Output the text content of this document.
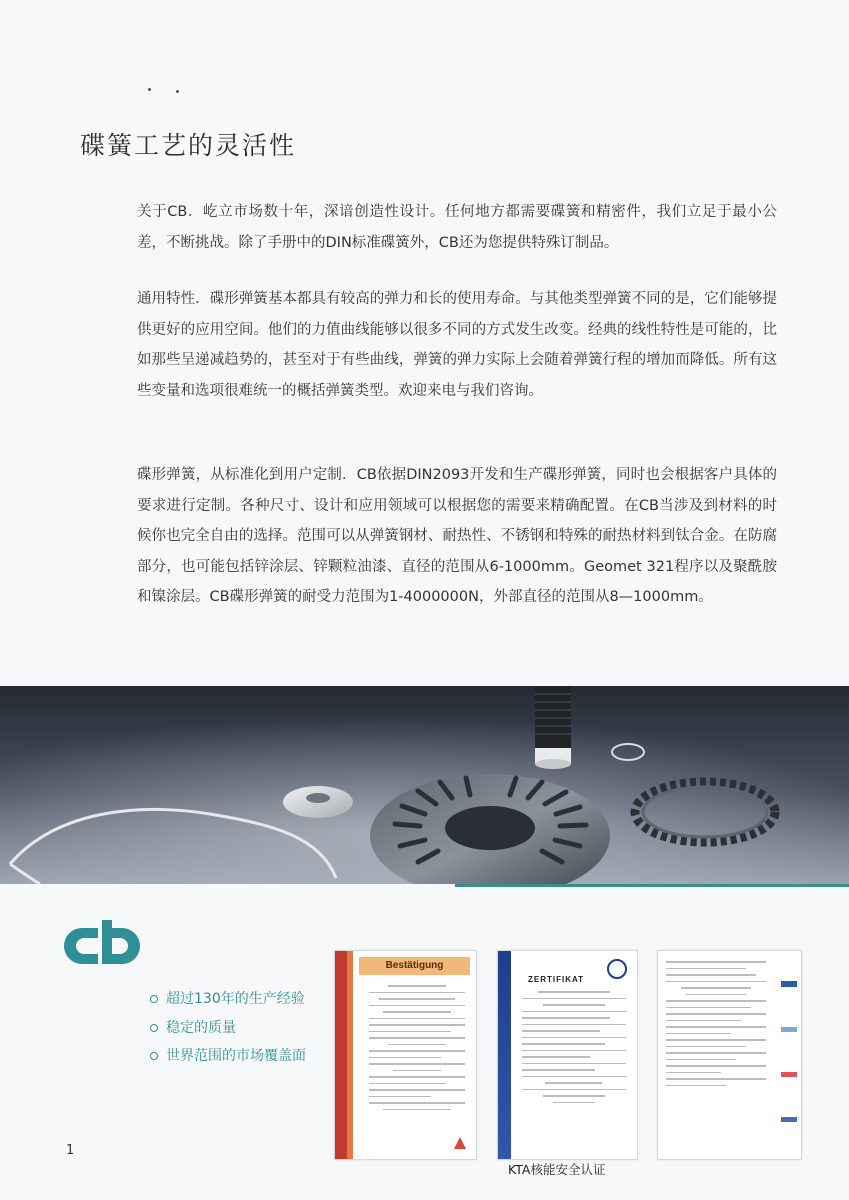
碟簧工艺的灵活性

关于CB．屹立市场数十年，深谙创造性设计。任何地方都需要碟簧和精密件，我们立足于最小公差，不断挑战。除了手册中的DIN标准碟簧外，CB还为您提供特殊订制品。

通用特性．碟形弹簧基本都具有较高的弹力和长的使用寿命。与其他类型弹簧不同的是，它们能够提供更好的应用空间。他们的力值曲线能够以很多不同的方式发生改变。经典的线性特性是可能的，比如那些呈递减趋势的，甚至对于有些曲线，弹簧的弹力实际上会随着弹簧行程的增加而降低。所有这些变量和选项很难统一的概括弹簧类型。欢迎来电与我们咨询。

碟形弹簧，从标准化到用户定制．CB依据DIN2093开发和生产碟形弹簧，同时也会根据客户具体的要求进行定制。各种尺寸、设计和应用领域可以根据您的需要来精确配置。在CB当涉及到材料的时候你也完全自由的选择。范围可以从弹簧钢材、耐热性、不锈钢和特殊的耐热材料到钛合金。在防腐部分，也可能包括锌涂层、锌颗粒油漆、直径的范围从6-1000mm。Geomet 321程序以及聚酰胺和镍涂层。CB碟形弹簧的耐受力范围为1-4000000N，外部直径的范围从8—1000mm。

超过130年的生产经验
稳定的质量
世界范围的市场覆盖面
Bestätigung
ZERTIFIKAT
KTA核能安全认证
1
